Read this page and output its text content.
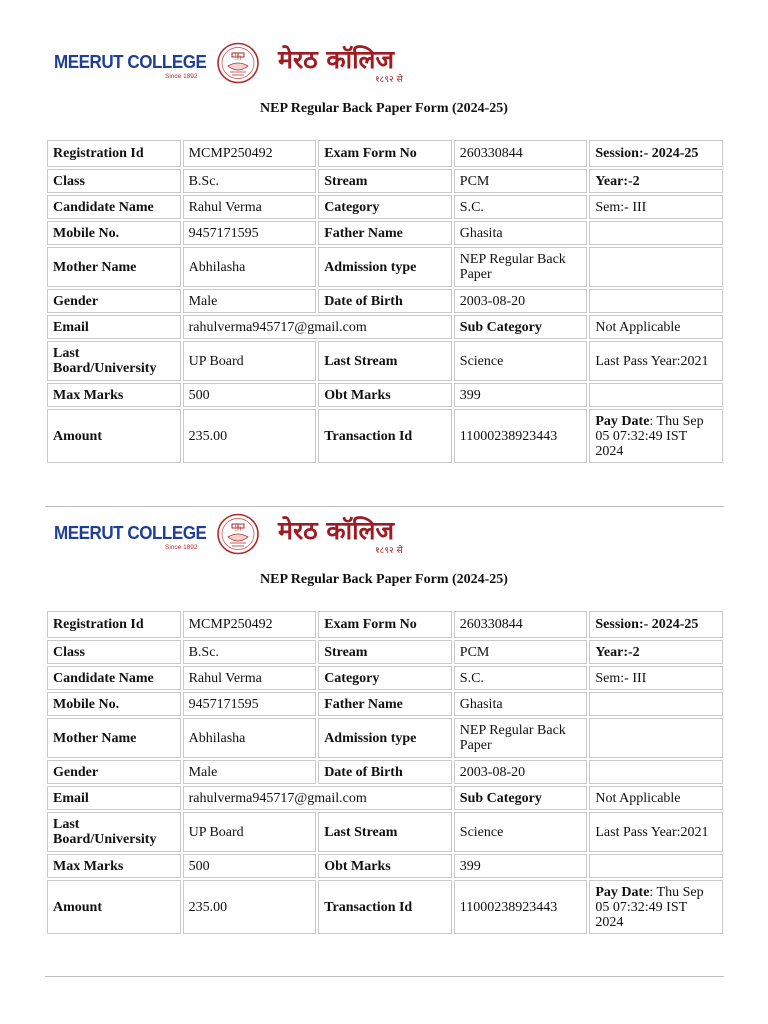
MEERUT COLLEGE
Since 1892
卐 मेरठ कॉलिज
१८९२ से
NEP Regular Back Paper Form (2024-25)
Registration Id	MCMP250492	Exam Form No	260330844	Session:- 2024-25
Class	B.Sc.	Stream	PCM	Year:-2
Candidate Name	Rahul Verma	Category	S.C.	Sem:- III
Mobile No.	9457171595	Father Name	Ghasita	
Mother Name	Abhilasha	Admission type	NEP Regular Back Paper	
Gender	Male	Date of Birth	2003-08-20	
Email	rahulverma945717@gmail.com		Sub Category	Not Applicable
Last Board/University	UP Board	Last Stream	Science	Last Pass Year:2021
Max Marks	500	Obt Marks	399	
Amount	235.00	Transaction Id	11000238923443	Pay Date: Thu Sep 05 07:32:49 IST 2024
MEERUT COLLEGE
Since 1892
卐 मेरठ कॉलिज
१८९२ से
NEP Regular Back Paper Form (2024-25)
Registration Id	MCMP250492	Exam Form No	260330844	Session:- 2024-25
Class	B.Sc.	Stream	PCM	Year:-2
Candidate Name	Rahul Verma	Category	S.C.	Sem:- III
Mobile No.	9457171595	Father Name	Ghasita	
Mother Name	Abhilasha	Admission type	NEP Regular Back Paper	
Gender	Male	Date of Birth	2003-08-20	
Email	rahulverma945717@gmail.com		Sub Category	Not Applicable
Last Board/University	UP Board	Last Stream	Science	Last Pass Year:2021
Max Marks	500	Obt Marks	399	
Amount	235.00	Transaction Id	11000238923443	Pay Date: Thu Sep 05 07:32:49 IST 2024
